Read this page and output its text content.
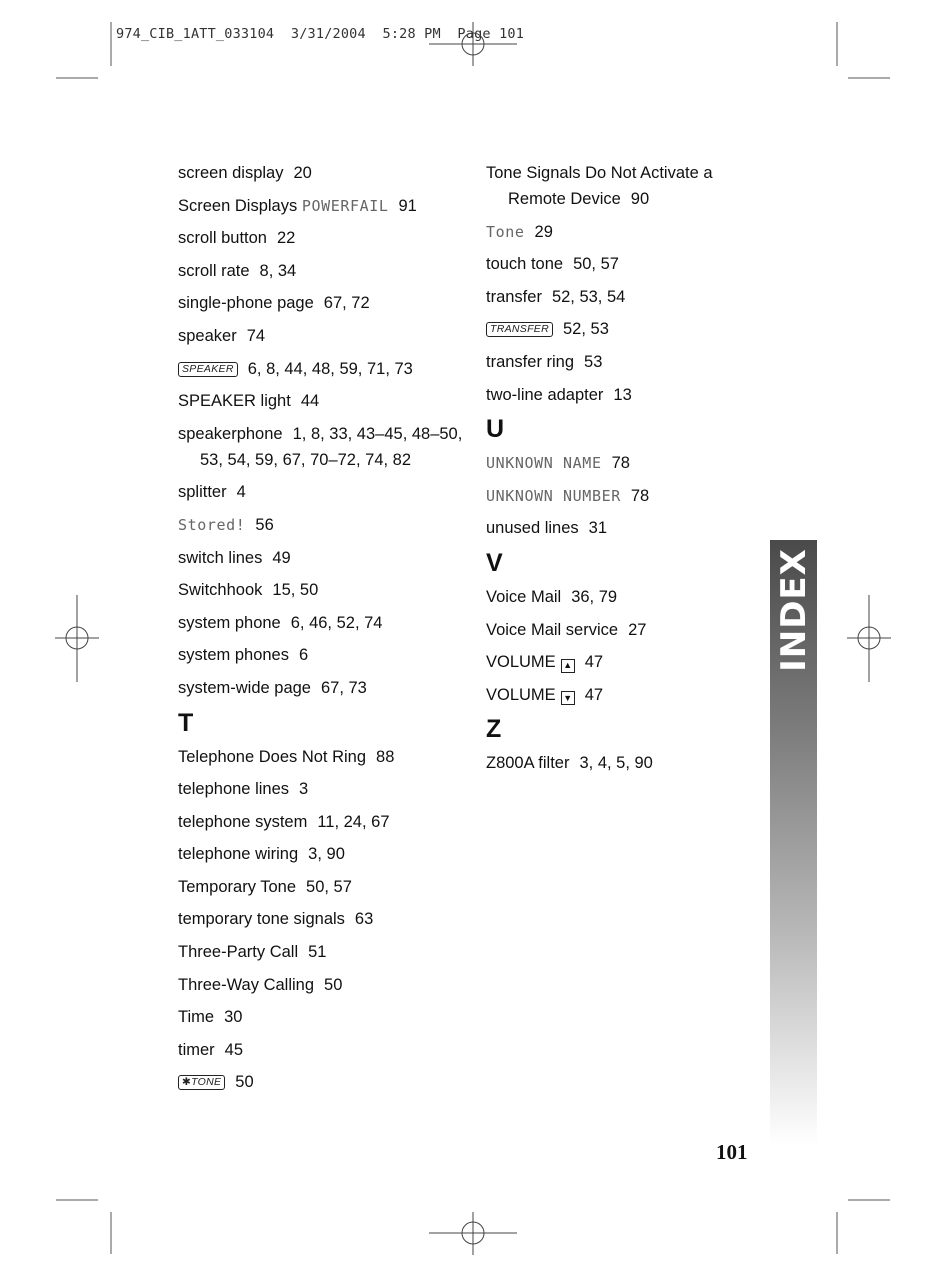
974_CIB_1ATT_033104  3/31/2004  5:28 PM  Page 101
screen display 20
Screen Displays POWERFAIL 91
scroll button 22
scroll rate 8, 34
single-phone page 67, 72
speaker 74
SPEAKER 6, 8, 44, 48, 59, 71, 73
SPEAKER light 44
speakerphone 1, 8, 33, 43–45, 48–50, 53, 54, 59, 67, 70–72, 74, 82
splitter 4
Stored! 56
switch lines 49
Switchhook 15, 50
system phone 6, 46, 52, 74
system phones 6
system-wide page 67, 73
T
Telephone Does Not Ring 88
telephone lines 3
telephone system 11, 24, 67
telephone wiring 3, 90
Temporary Tone 50, 57
temporary tone signals 63
Three-Party Call 51
Three-Way Calling 50
Time 30
timer 45
✱TONE 50
Tone Signals Do Not Activate a Remote Device 90
Tone 29
touch tone 50, 57
transfer 52, 53, 54
TRANSFER 52, 53
transfer ring 53
two-line adapter 13
U
UNKNOWN NAME 78
UNKNOWN NUMBER 78
unused lines 31
V
Voice Mail 36, 79
Voice Mail service 27
VOLUME ▲ 47
VOLUME ▼ 47
Z
Z800A filter 3, 4, 5, 90
INDEX
101
